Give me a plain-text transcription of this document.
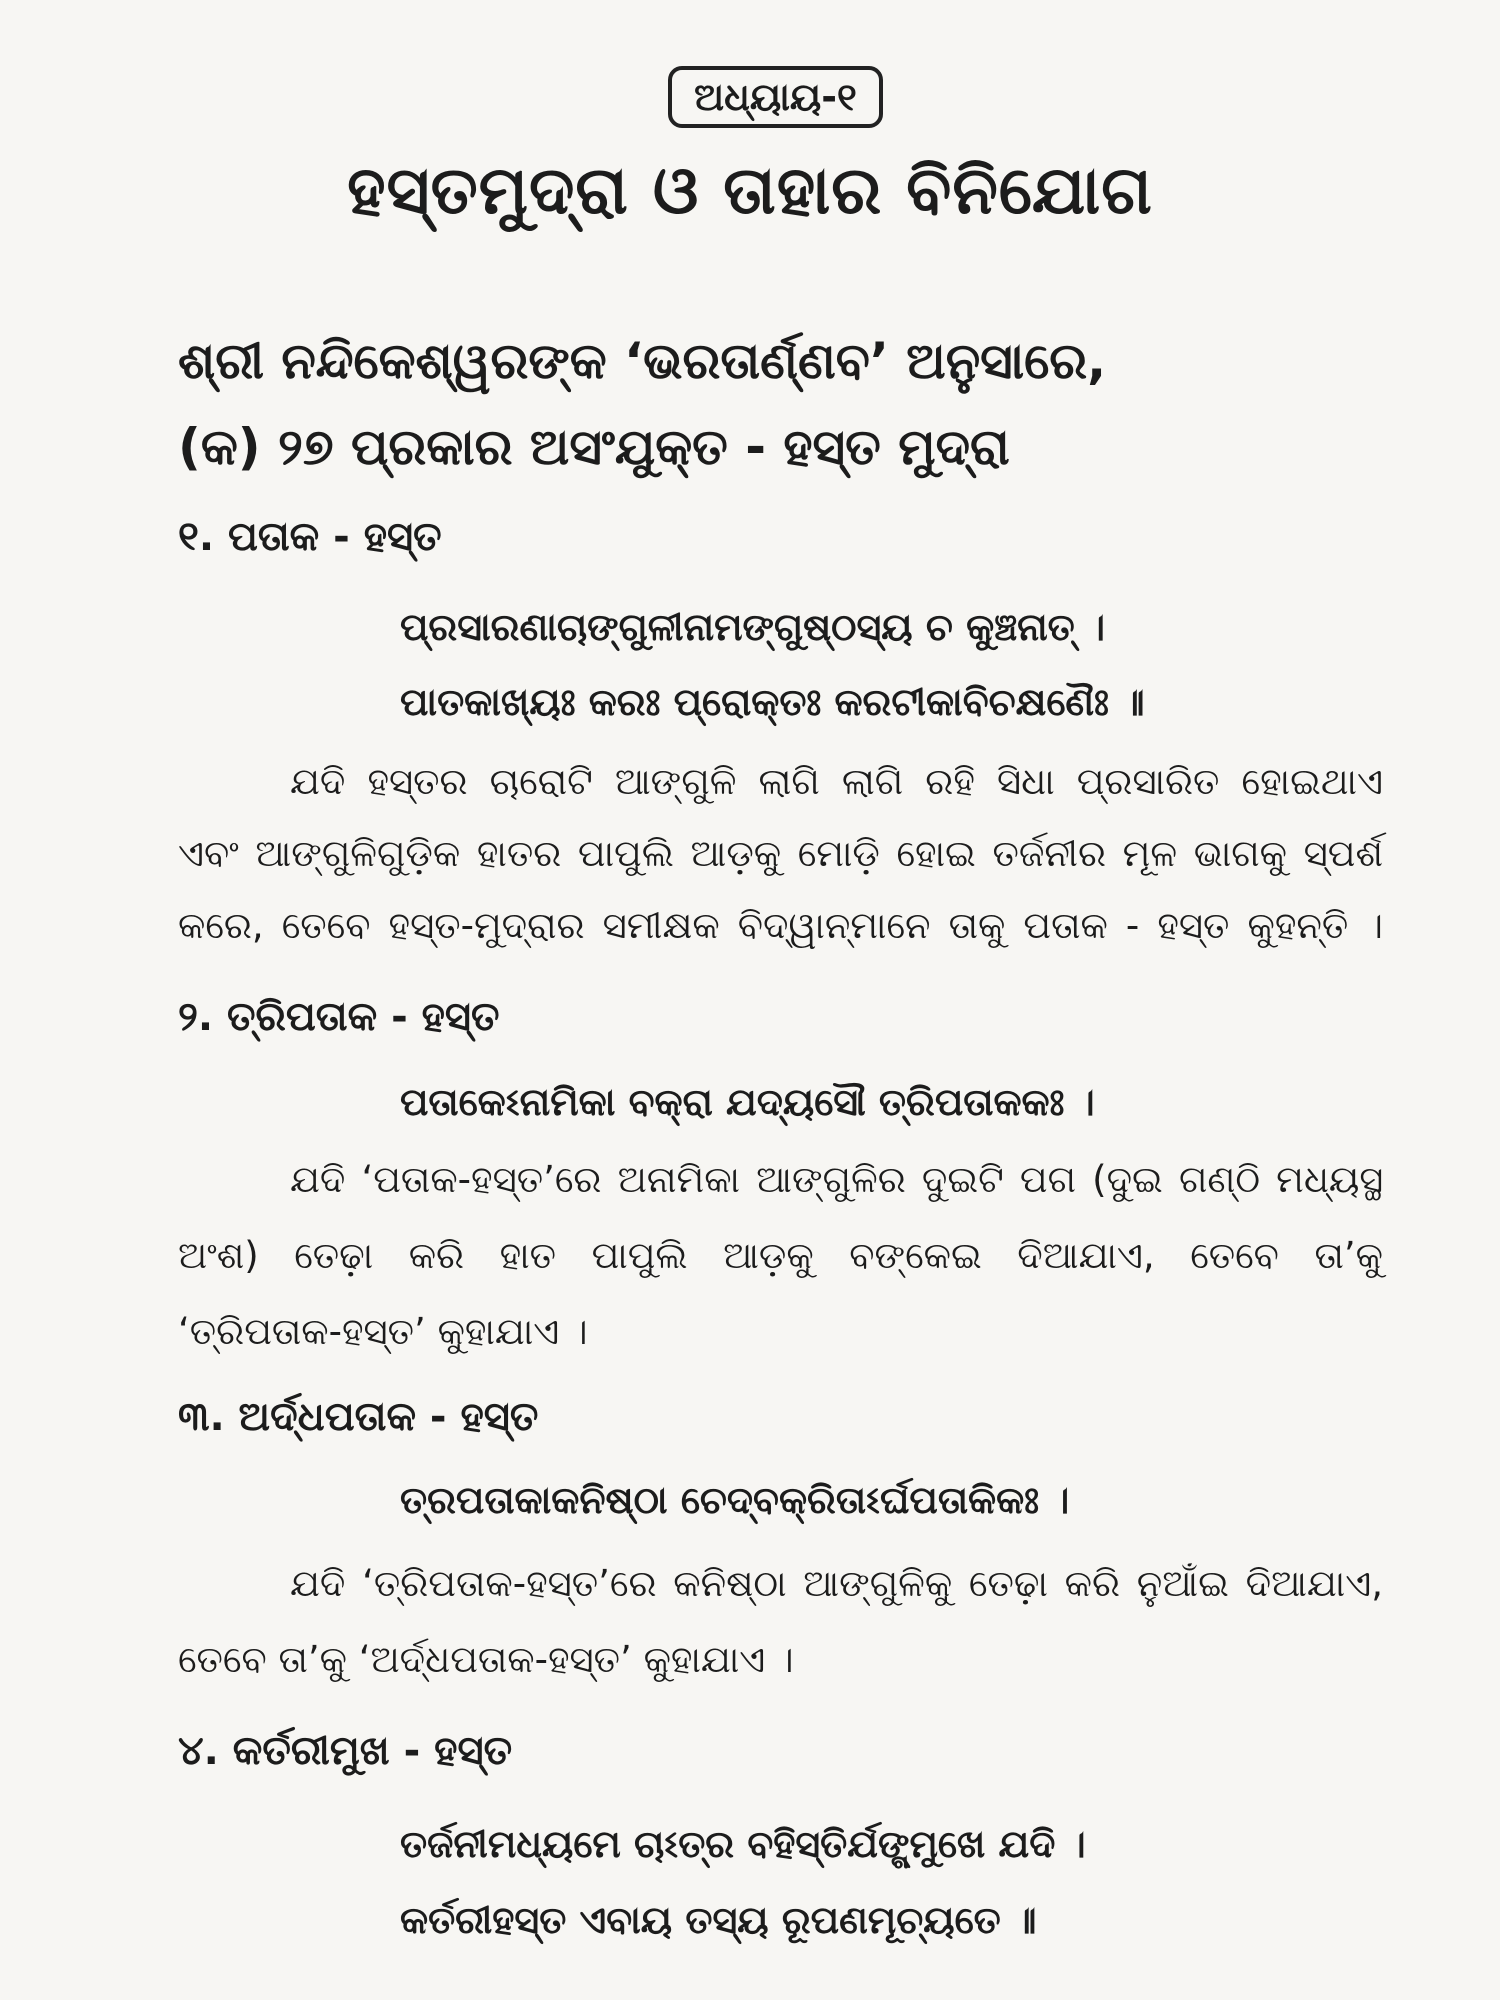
ଅଧ୍ୟାୟ-୧
ହସ୍ତମୁଦ୍ରା ଓ ତାହାର ବିନିଯୋଗ
ଶ୍ରୀ ନନ୍ଦିକେଶ୍ୱରଙ୍କ ‘ଭରତାର୍ଣ୍ଣବ’ ଅନୁସାରେ,
(କ) ୨୭ ପ୍ରକାର ଅସଂଯୁକ୍ତ - ହସ୍ତ ମୁଦ୍ରା
୧. ପତାକ - ହସ୍ତ
ପ୍ରସାରଣାଚାଙ୍ଗୁଳୀନାମଙ୍ଗୁଷ୍ଠସ୍ୟ ଚ କୁଞ୍ଚନାତ୍ ।
ପାତକାଖ୍ୟଃ କରଃ ପ୍ରୋକ୍ତଃ କରଟୀକାବିଚକ୍ଷଣୈଃ ॥
ଯଦି ହସ୍ତର ଚାରୋଟି ଆଙ୍ଗୁଳି ଲାଗି ଲାଗି ରହି ସିଧା ପ୍ରସାରିତ ହୋଇଥାଏ
ଏବଂ ଆଙ୍ଗୁଳିଗୁଡ଼ିକ ହାତର ପାପୁଲି ଆଡ଼କୁ ମୋଡ଼ି ହୋଇ ତର୍ଜନୀର ମୂଳ ଭାଗକୁ ସ୍ପର୍ଶ
କରେ, ତେବେ ହସ୍ତ-ମୁଦ୍ରାର ସମୀକ୍ଷକ ବିଦ୍ୱାନ୍‌ମାନେ ତାକୁ ପତାକ - ହସ୍ତ କୁହନ୍ତି ।
୨. ତ୍ରିପତାକ - ହସ୍ତ
ପତାକେଽନାମିକା ବକ୍ରା ଯଦ୍ୟସୌ ତ୍ରିପତାକକଃ ।
ଯଦି ‘ପତାକ-ହସ୍ତ’ରେ ଅନାମିକା ଆଙ୍ଗୁଳିର ଦୁଇଟି ପଗ (ଦୁଇ ଗଣ୍ଠି ମଧ୍ୟସ୍ଥ
ଅଂଶ) ତେଢ଼ା କରି ହାତ ପାପୁଲି ଆଡ଼କୁ ବଙ୍କେଇ ଦିଆଯାଏ, ତେବେ ତା’କୁ
‘ତ୍ରିପତାକ-ହସ୍ତ’ କୁହାଯାଏ ।
୩. ଅର୍ଦ୍ଧପତାକ - ହସ୍ତ
ତ୍ରପତାକାକନିଷ୍ଠା ଚେଦ୍‌ବକ୍ରିତାଽର୍ଘପତାକିକଃ ।
ଯଦି ‘ତ୍ରିପତାକ-ହସ୍ତ’ରେ କନିଷ୍ଠା ଆଙ୍ଗୁଳିକୁ ତେଢ଼ା କରି ନୁଆଁଇ ଦିଆଯାଏ,
ତେବେ ତା’କୁ ‘ଅର୍ଦ୍ଧପତାକ-ହସ୍ତ’ କୁହାଯାଏ ।
୪. କର୍ତରୀମୁଖ - ହସ୍ତ
ତର୍ଜନୀମଧ୍ୟମେ ଚାଽତ୍ର ବହିସ୍ତିର୍ଯଙ୍ଗ୍ମୁଖେ ଯଦି ।
କର୍ତରୀହସ୍ତ ଏବାୟ ତସ୍ୟ ରୂପଣମୂଚ୍ୟତେ ॥
